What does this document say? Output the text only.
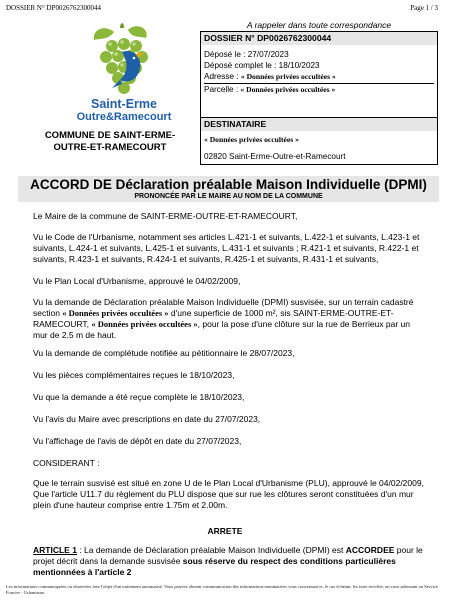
DOSSIER N° DP0026762300044	Page 1 / 3
Saint-Erme
Outre&Ramecourt
COMMUNE DE SAINT-ERME-
OUTRE-ET-RAMECOURT
A rappeler dans toute correspondance
DOSSIER N° DP0026762300044
Déposé le : 27/07/2023
Déposé complet le : 18/10/2023
Adresse : « Données privées occultées »
Parcelle : « Données privées occultées »
DESTINATAIRE
« Données privées occultées »
02820 Saint-Erme-Outre-et-Ramecourt
ACCORD DE Déclaration préalable Maison Individuelle (DPMI)
PRONONCÉE PAR LE MAIRE AU NOM DE LA COMMUNE
Le Maire de la commune de SAINT-ERME-OUTRE-ET-RAMECOURT,
Vu le Code de l'Urbanisme, notamment ses articles L.421-1 et suivants, L.422-1 et suivants, L.423-1 et suivants, L.424-1 et suivants, L.425-1 et suivants, L.431-1 et suivants ; R.421-1 et suivants, R.422-1 et suivants, R.423-1 et suivants, R.424-1 et suivants, R.425-1 et suivants, R.431-1 et suivants,
Vu le Plan Local d'Urbanisme, approuvé le 04/02/2009,
Vu la demande de Déclaration préalable Maison Individuelle (DPMI) susvisée, sur un terrain cadastré section « Données privées occultées » d'une superficie de 1000 m², sis SAINT-ERME-OUTRE-ET-RAMECOURT, « Données privées occultées », pour la pose d'une clôture sur la rue de Berrieux par un mur de 2.5 m de haut.
Vu la demande de complétude notifiée au pétitionnaire le 28/07/2023,
Vu les pièces complémentaires reçues le 18/10/2023,
Vu que la demande a été reçue complète le 18/10/2023,
Vu l'avis du Maire avec prescriptions en date du 27/07/2023,
Vu l'affichage de l'avis de dépôt en date du 27/07/2023,
CONSIDERANT :
Que le terrain susvisé est situé en zone U de le Plan Local d'Urbanisme (PLU), approuvé le 04/02/2009, Que l'article U11.7 du règlement du PLU dispose que sur rue les clôtures seront constituées d'un mur plein d'une hauteur comprise entre 1.75m et 2.00m.
ARRETE
ARTICLE 1 : La demande de Déclaration préalable Maison Individuelle (DPMI) est ACCORDEE pour le projet décrit dans la demande susvisée sous réserve du respect des conditions particulières mentionnées à l'article 2
Les informations communiquées ou observées font l'objet d'un traitement automatisé. Vous pouvez obtenir communication des informations nominatives vous concernant et, le cas échéant, les faire rectifier, en vous adressant au Service Foncier - Urbanisme.
